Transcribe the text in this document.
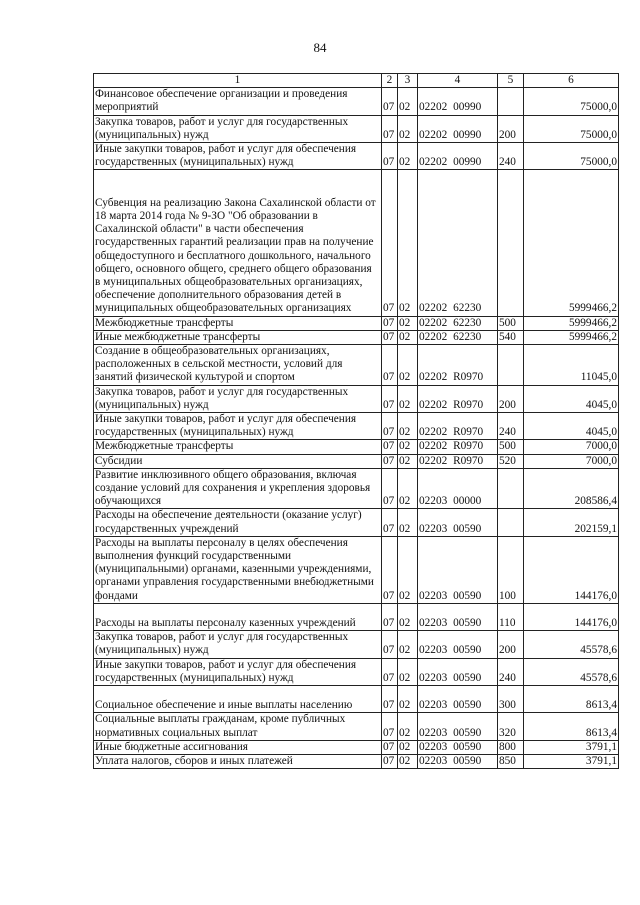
84
1	2	3	4	5	6
Финансовое обеспечение организации и проведения мероприятий	07	02	02202 00990		75000,0
Закупка товаров, работ и услуг для государственных (муниципальных) нужд	07	02	02202 00990	200	75000,0
Иные закупки товаров, работ и услуг для обеспечения государственных (муниципальных) нужд	07	02	02202 00990	240	75000,0
Субвенция на реализацию Закона Сахалинской области от 18 марта 2014 года № 9-ЗО "Об образовании в Сахалинской области" в части обеспечения государственных гарантий реализации прав на получение общедоступного и бесплатного дошкольного, начального общего, основного общего, среднего общего образования в муниципальных общеобразовательных организациях, обеспечение дополнительного образования детей в муниципальных общеобразовательных организациях	07	02	02202 62230		5999466,2
Межбюджетные трансферты	07	02	02202 62230	500	5999466,2
Иные межбюджетные трансферты	07	02	02202 62230	540	5999466,2
Создание в общеобразовательных организациях, расположенных в сельской местности, условий для занятий физической культурой и спортом	07	02	02202 R0970		11045,0
Закупка товаров, работ и услуг для государственных (муниципальных) нужд	07	02	02202 R0970	200	4045,0
Иные закупки товаров, работ и услуг для обеспечения государственных (муниципальных) нужд	07	02	02202 R0970	240	4045,0
Межбюджетные трансферты	07	02	02202 R0970	500	7000,0
Субсидии	07	02	02202 R0970	520	7000,0
Развитие инклюзивного общего образования, включая создание условий для сохранения и укрепления здоровья обучающихся	07	02	02203 00000		208586,4
Расходы на обеспечение деятельности (оказание услуг) государственных учреждений	07	02	02203 00590		202159,1
Расходы на выплаты персоналу в целях обеспечения выполнения функций государственными (муниципальными) органами, казенными учреждениями, органами управления государственными внебюджетными фондами	07	02	02203 00590	100	144176,0
Расходы на выплаты персоналу казенных учреждений	07	02	02203 00590	110	144176,0
Закупка товаров, работ и услуг для государственных (муниципальных) нужд	07	02	02203 00590	200	45578,6
Иные закупки товаров, работ и услуг для обеспечения государственных (муниципальных) нужд	07	02	02203 00590	240	45578,6
Социальное обеспечение и иные выплаты населению	07	02	02203 00590	300	8613,4
Социальные выплаты гражданам, кроме публичных нормативных социальных выплат	07	02	02203 00590	320	8613,4
Иные бюджетные ассигнования	07	02	02203 00590	800	3791,1
Уплата налогов, сборов и иных платежей	07	02	02203 00590	850	3791,1
